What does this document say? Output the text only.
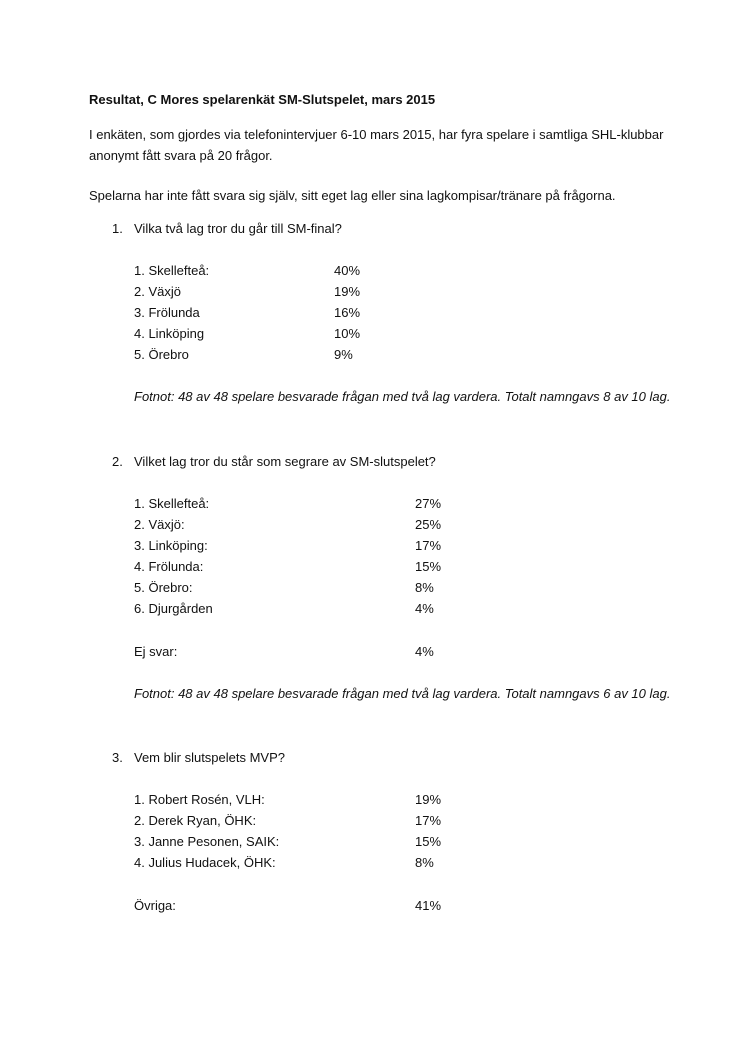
Resultat, C Mores spelarenkät SM-Slutspelet, mars 2015
I enkäten, som gjordes via telefonintervjuer 6-10 mars 2015, har fyra spelare i samtliga SHL-klubbar anonymt fått svara på 20 frågor.
Spelarna har inte fått svara sig själv, sitt eget lag eller sina lagkompisar/tränare på frågorna.
1. Vilka två lag tror du går till SM-final?
1. Skellefteå:	40%
2. Växjö	19%
3. Frölunda	16%
4. Linköping	10%
5. Örebro	9%
Fotnot: 48 av 48 spelare besvarade frågan med två lag vardera. Totalt namngavs 8 av 10 lag.
2. Vilket lag tror du står som segrare av SM-slutspelet?
1. Skellefteå:	27%
2. Växjö:	25%
3. Linköping:	17%
4. Frölunda:	15%
5. Örebro:	8%
6. Djurgården	4%
Ej svar:	4%
Fotnot: 48 av 48 spelare besvarade frågan med två lag vardera. Totalt namngavs 6 av 10 lag.
3. Vem blir slutspelets MVP?
1. Robert Rosén, VLH:	19%
2. Derek Ryan, ÖHK:	17%
3. Janne Pesonen, SAIK:	15%
4. Julius Hudacek, ÖHK:	8%
Övriga:	41%
